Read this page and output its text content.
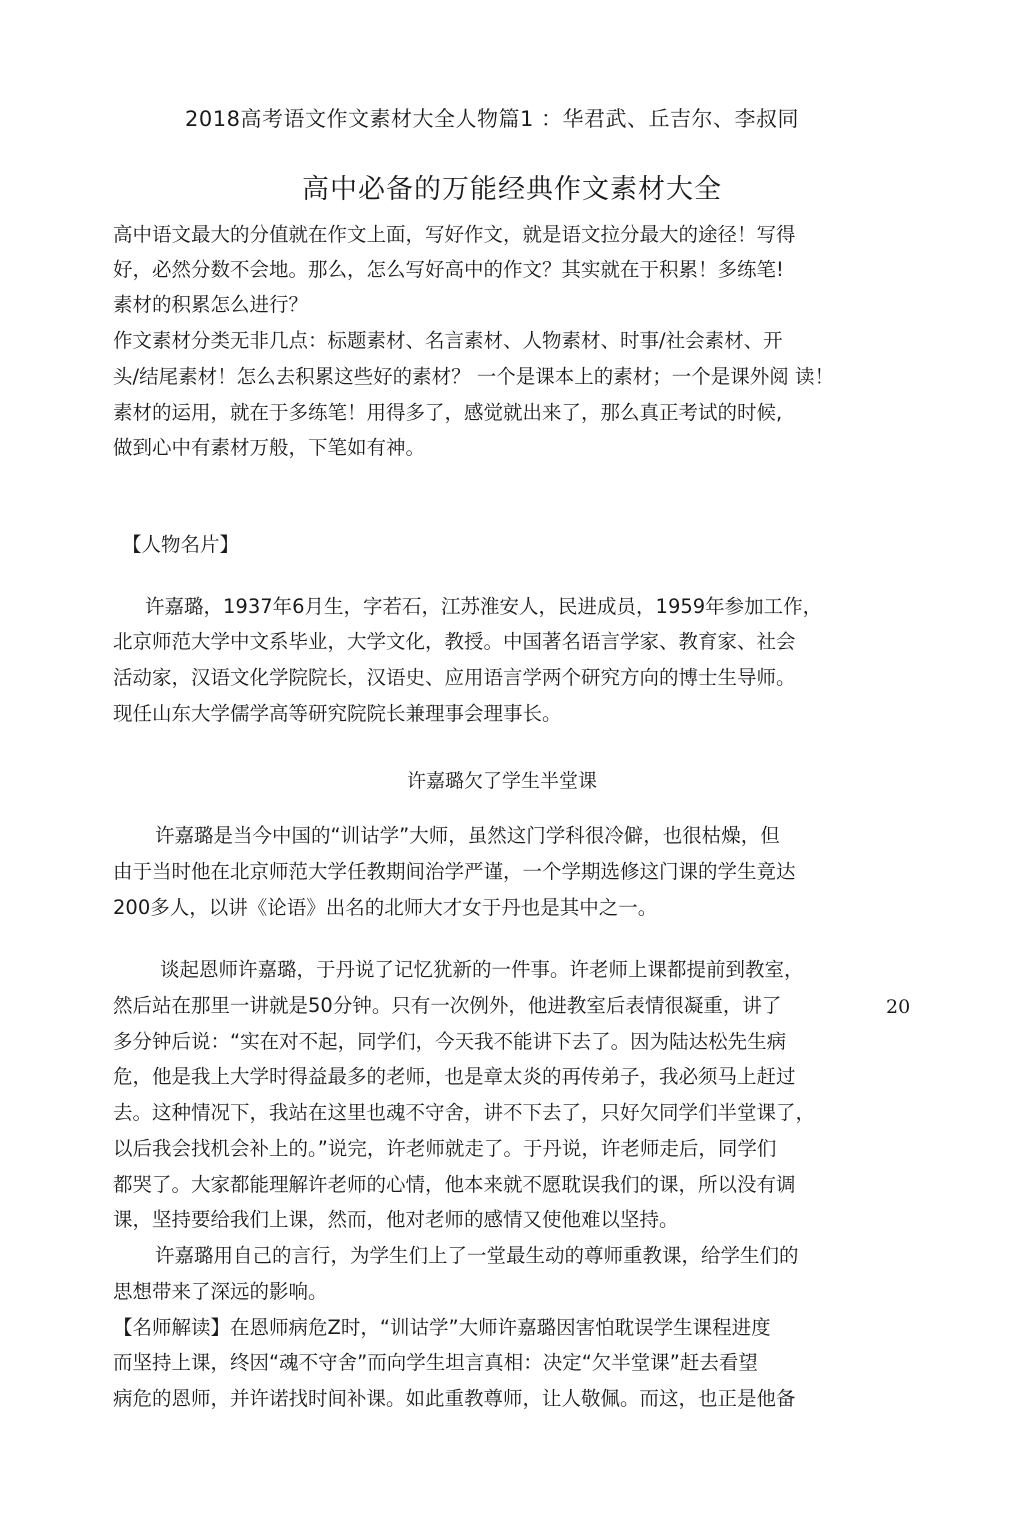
2018高考语文作文素材大全人物篇1 ：华君武、丘吉尔、李叔同
高中必备的万能经典作文素材大全
高中语文最大的分值就在作文上面，写好作文，就是语文拉分最大的途径！写得
好，必然分数不会地。那么，怎么写好高中的作文？其实就在于积累！多练笔!
素材的积累怎么进行？
作文素材分类无非几点：标题素材、名言素材、人物素材、时事/社会素材、开
头/结尾素材！怎么去积累这些好的素材？ 一个是课本上的素材；一个是课外阅 读！
素材的运用，就在于多练笔！用得多了，感觉就出来了，那么真正考试的时候,
做到心中有素材万般，下笔如有神。
【人物名片】
许嘉璐，1937年6月生，字若石，江苏淮安人，民进成员，1959年参加工作，
北京师范大学中文系毕业，大学文化，教授。中国著名语言学家、教育家、社会
活动家，汉语文化学院院长，汉语史、应用语言学两个研究方向的博士生导师。
现任山东大学儒学高等研究院院长兼理事会理事长。
许嘉璐欠了学生半堂课
许嘉璐是当今中国的“训诂学”大师，虽然这门学科很冷僻，也很枯燥，但
由于当时他在北京师范大学任教期间治学严谨，一个学期选修这门课的学生竟达
200多人，以讲《论语》出名的北师大才女于丹也是其中之一。
谈起恩师许嘉璐，于丹说了记忆犹新的一件事。许老师上课都提前到教室，
然后站在那里一讲就是50分钟。只有一次例外，他进教室后表情很凝重，讲了
多分钟后说：“实在对不起，同学们，今天我不能讲下去了。因为陆达松先生病
危，他是我上大学时得益最多的老师，也是章太炎的再传弟子，我必须马上赶过
去。这种情况下，我站在这里也魂不守舍，讲不下去了，只好欠同学们半堂课了，
以后我会找机会补上的。”说完，许老师就走了。于丹说，许老师走后，同学们
都哭了。大家都能理解许老师的心情，他本来就不愿耽误我们的课，所以没有调
课，坚持要给我们上课，然而，他对老师的感情又使他难以坚持。
20
许嘉璐用自己的言行，为学生们上了一堂最生动的尊师重教课，给学生们的
思想带来了深远的影响。
【名师解读】在恩师病危Z时，“训诂学”大师许嘉璐因害怕耽误学生课程进度
而坚持上课，终因“魂不守舍”而向学生坦言真相：决定“欠半堂课”赶去看望
病危的恩师，并许诺找时间补课。如此重教尊师，让人敬佩。而这，也正是他备
